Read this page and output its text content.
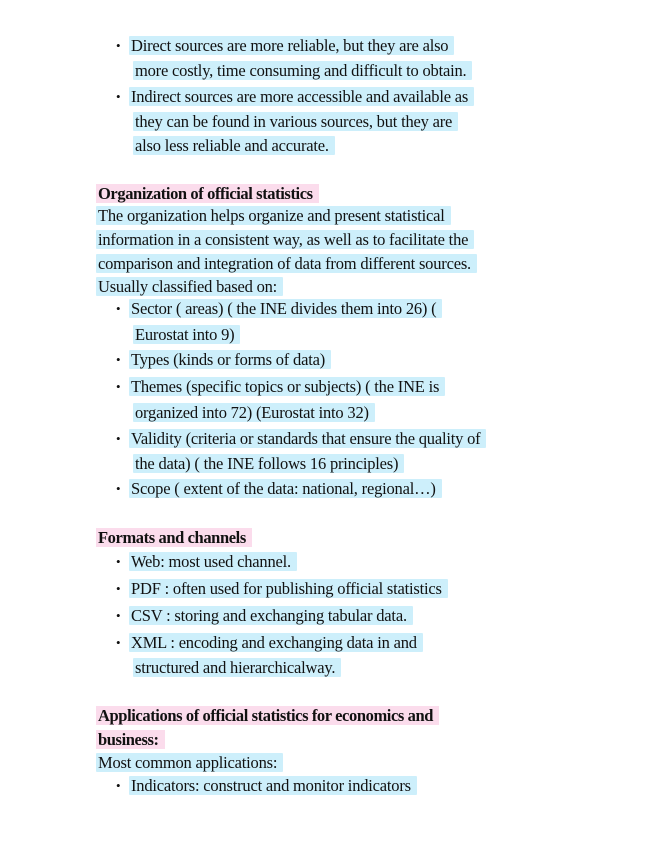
• Direct sources are more reliable, but they are also
more costly, time consuming and difficult to obtain.
• Indirect sources are more accessible and available as
they can be found in various sources, but they are
also less reliable and accurate.
Organization of official statistics
The organization helps organize and present statistical
information in a consistent way, as well as to facilitate the
comparison and integration of data from different sources.
Usually classified based on:
• Sector ( areas) ( the INE divides them into 26) (
Eurostat into 9)
• Types (kinds or forms of data)
• Themes (specific topics or subjects) ( the INE is
organized into 72) (Eurostat into 32)
• Validity (criteria or standards that ensure the quality of
the data) ( the INE follows 16 principles)
• Scope ( extent of the data: national, regional…)
Formats and channels
• Web: most used channel.
• PDF : often used for publishing official statistics
• CSV : storing and exchanging tabular data.
• XML : encoding and exchanging data in and
structured and hierarchicalway.
Applications of official statistics for economics and
business:
Most common applications:
• Indicators: construct and monitor indicators
